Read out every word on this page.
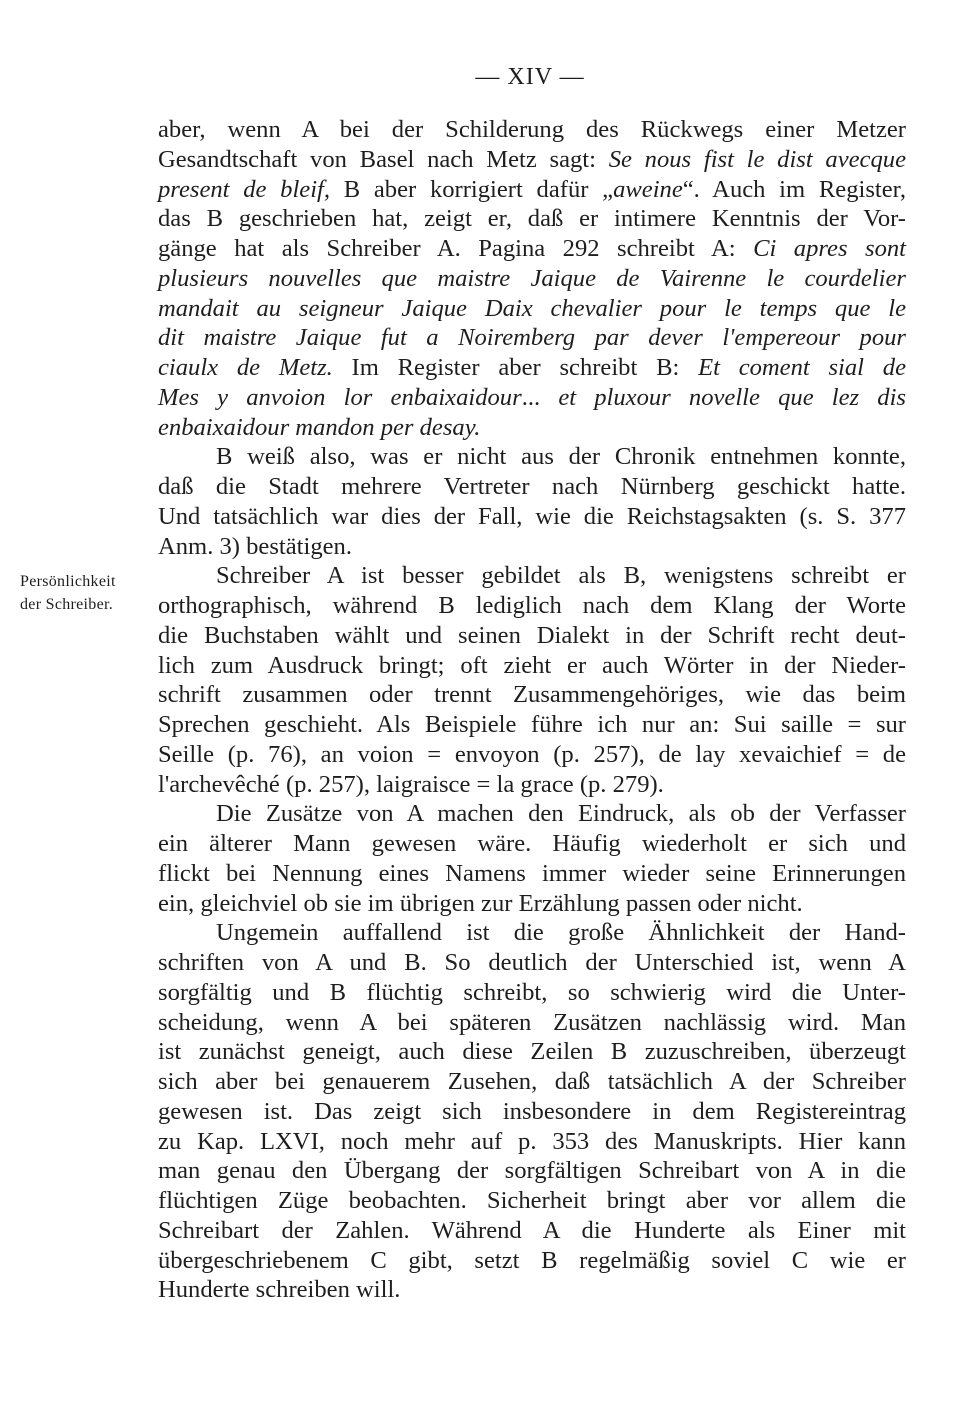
— XIV —
Persönlichkeit
der Schreiber.
aber, wenn A bei der Schilderung des Rückwegs einer Metzer
Gesandtschaft von Basel nach Metz sagt: Se nous fist le dist avecque
present de bleif, B aber korrigiert dafür „aweine“. Auch im Register,
das B geschrieben hat, zeigt er, daß er intimere Kenntnis der Vor-
gänge hat als Schreiber A. Pagina 292 schreibt A: Ci apres sont
plusieurs nouvelles que maistre Jaique de Vairenne le courdelier
mandait au seigneur Jaique Daix chevalier pour le temps que le
dit maistre Jaique fut a Noiremberg par dever l'empereour pour
ciaulx de Metz. Im Register aber schreibt B: Et coment sial de
Mes y anvoion lor enbaixaidour... et pluxour novelle que lez dis
enbaixaidour mandon per desay.
B weiß also, was er nicht aus der Chronik entnehmen konnte,
daß die Stadt mehrere Vertreter nach Nürnberg geschickt hatte.
Und tatsächlich war dies der Fall, wie die Reichstagsakten (s. S. 377
Anm. 3) bestätigen.
Schreiber A ist besser gebildet als B, wenigstens schreibt er
orthographisch, während B lediglich nach dem Klang der Worte
die Buchstaben wählt und seinen Dialekt in der Schrift recht deut-
lich zum Ausdruck bringt; oft zieht er auch Wörter in der Nieder-
schrift zusammen oder trennt Zusammengehöriges, wie das beim
Sprechen geschieht. Als Beispiele führe ich nur an: Sui saille = sur
Seille (p. 76), an voion = envoyon (p. 257), de lay xevaichief = de
l'archevêché (p. 257), laigraisce = la grace (p. 279).
Die Zusätze von A machen den Eindruck, als ob der Verfasser
ein älterer Mann gewesen wäre. Häufig wiederholt er sich und
flickt bei Nennung eines Namens immer wieder seine Erinnerungen
ein, gleichviel ob sie im übrigen zur Erzählung passen oder nicht.
Ungemein auffallend ist die große Ähnlichkeit der Hand-
schriften von A und B. So deutlich der Unterschied ist, wenn A
sorgfältig und B flüchtig schreibt, so schwierig wird die Unter-
scheidung, wenn A bei späteren Zusätzen nachlässig wird. Man
ist zunächst geneigt, auch diese Zeilen B zuzuschreiben, überzeugt
sich aber bei genauerem Zusehen, daß tatsächlich A der Schreiber
gewesen ist. Das zeigt sich insbesondere in dem Registereintrag
zu Kap. LXVI, noch mehr auf p. 353 des Manuskripts. Hier kann
man genau den Übergang der sorgfältigen Schreibart von A in die
flüchtigen Züge beobachten. Sicherheit bringt aber vor allem die
Schreibart der Zahlen. Während A die Hunderte als Einer mit
übergeschriebenem C gibt, setzt B regelmäßig soviel C wie er
Hunderte schreiben will.
